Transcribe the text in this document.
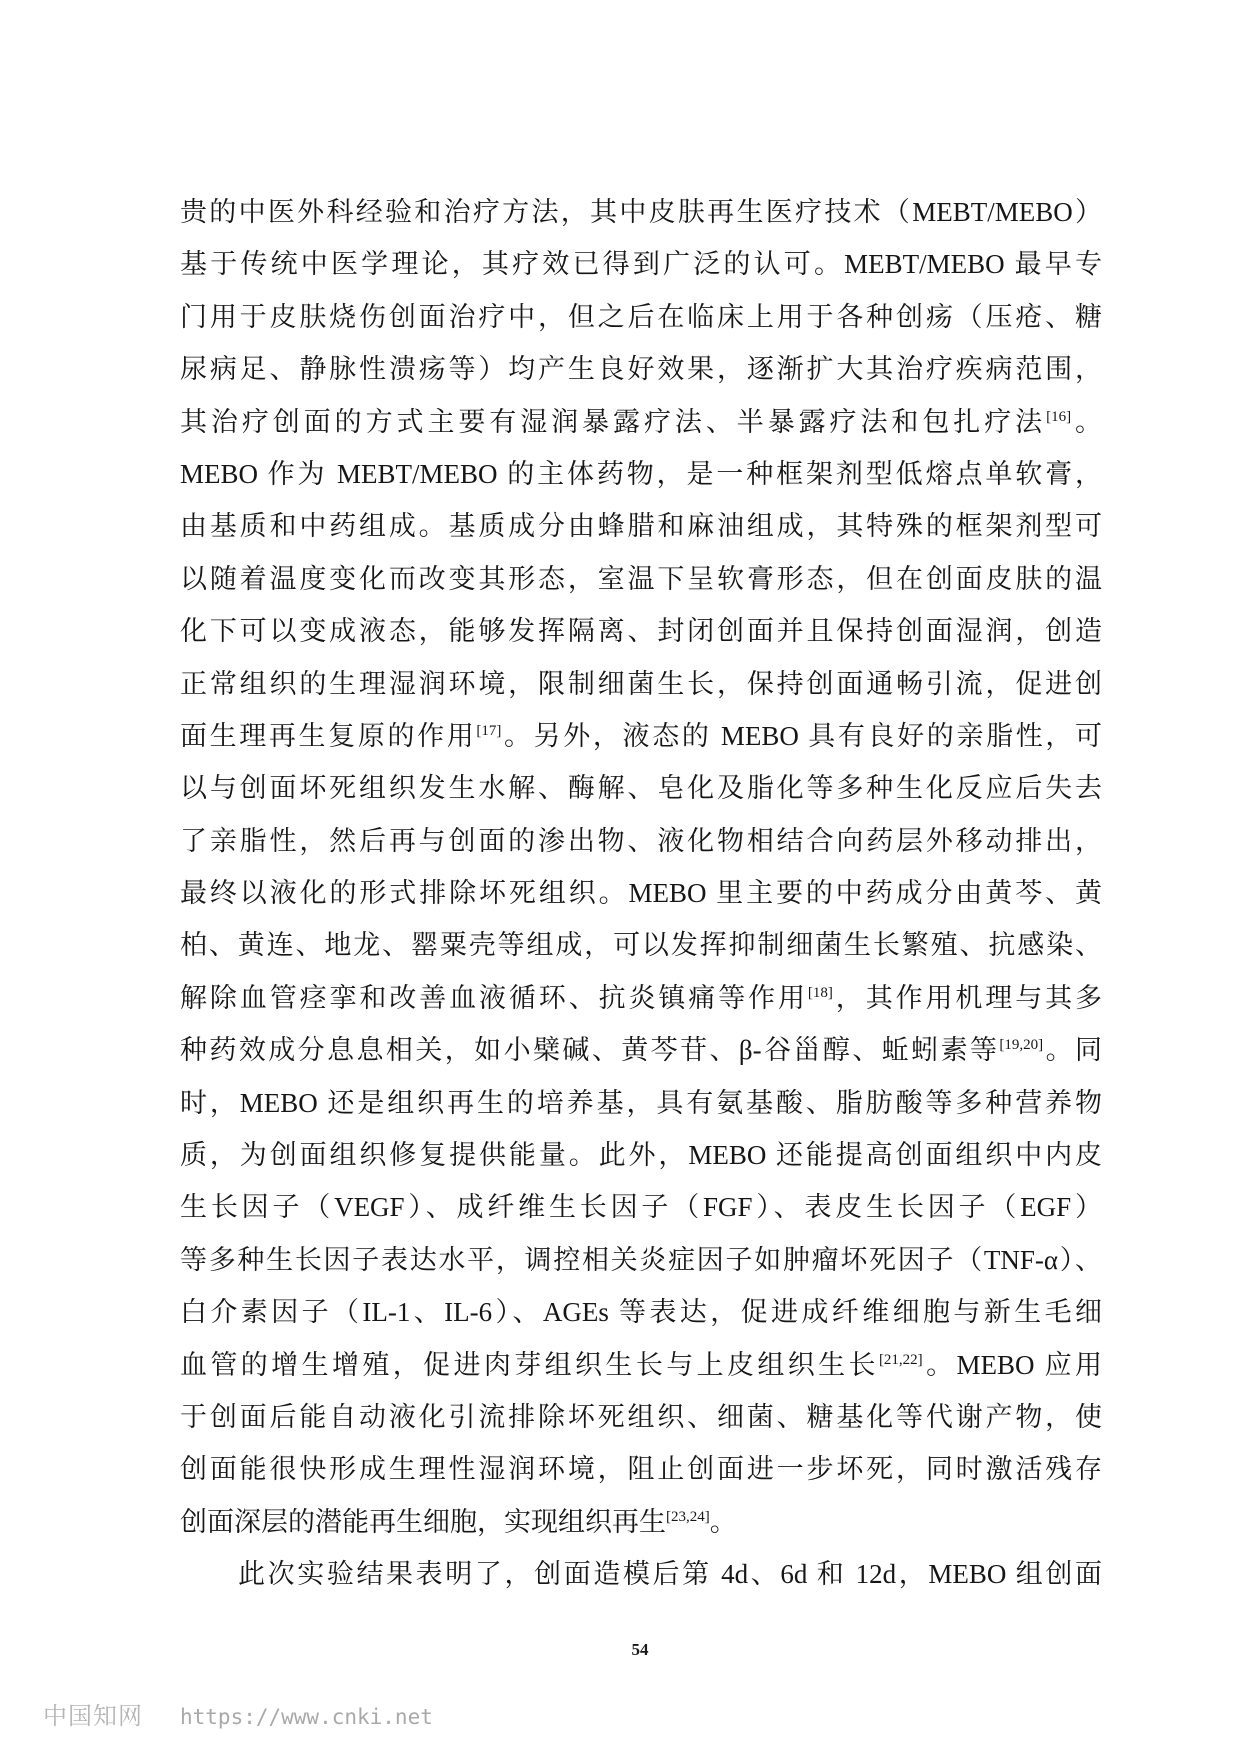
贵的中医外科经验和治疗方法，其中皮肤再生医疗技术（MEBT/MEBO）
基于传统中医学理论，其疗效已得到广泛的认可。MEBT/MEBO 最早专
门用于皮肤烧伤创面治疗中，但之后在临床上用于各种创疡（压疮、糖
尿病足、静脉性溃疡等）均产生良好效果，逐渐扩大其治疗疾病范围，
其治疗创面的方式主要有湿润暴露疗法、半暴露疗法和包扎疗法[16]。
MEBO 作为 MEBT/MEBO 的主体药物，是一种框架剂型低熔点单软膏，
由基质和中药组成。基质成分由蜂腊和麻油组成，其特殊的框架剂型可
以随着温度变化而改变其形态，室温下呈软膏形态，但在创面皮肤的温
化下可以变成液态，能够发挥隔离、封闭创面并且保持创面湿润，创造
正常组织的生理湿润环境，限制细菌生长，保持创面通畅引流，促进创
面生理再生复原的作用[17]。另外，液态的 MEBO 具有良好的亲脂性，可
以与创面坏死组织发生水解、酶解、皂化及脂化等多种生化反应后失去
了亲脂性，然后再与创面的渗出物、液化物相结合向药层外移动排出，
最终以液化的形式排除坏死组织。MEBO 里主要的中药成分由黄芩、黄
柏、黄连、地龙、罂粟壳等组成，可以发挥抑制细菌生长繁殖、抗感染、
解除血管痉挛和改善血液循环、抗炎镇痛等作用[18]，其作用机理与其多
种药效成分息息相关，如小檗碱、黄芩苷、β-谷甾醇、蚯蚓素等[19,20]。同
时，MEBO 还是组织再生的培养基，具有氨基酸、脂肪酸等多种营养物
质，为创面组织修复提供能量。此外，MEBO 还能提高创面组织中内皮
生长因子（VEGF）、成纤维生长因子（FGF）、表皮生长因子（EGF）
等多种生长因子表达水平，调控相关炎症因子如肿瘤坏死因子（TNF-α）、
白介素因子（IL-1、IL-6）、AGEs 等表达，促进成纤维细胞与新生毛细
血管的增生增殖，促进肉芽组织生长与上皮组织生长[21,22]。MEBO 应用
于创面后能自动液化引流排除坏死组织、细菌、糖基化等代谢产物，使
创面能很快形成生理性湿润环境，阻止创面进一步坏死，同时激活残存
创面深层的潜能再生细胞，实现组织再生[23,24]。
此次实验结果表明了，创面造模后第 4d、6d 和 12d，MEBO 组创面
54
中国知网 https://www.cnki.net
